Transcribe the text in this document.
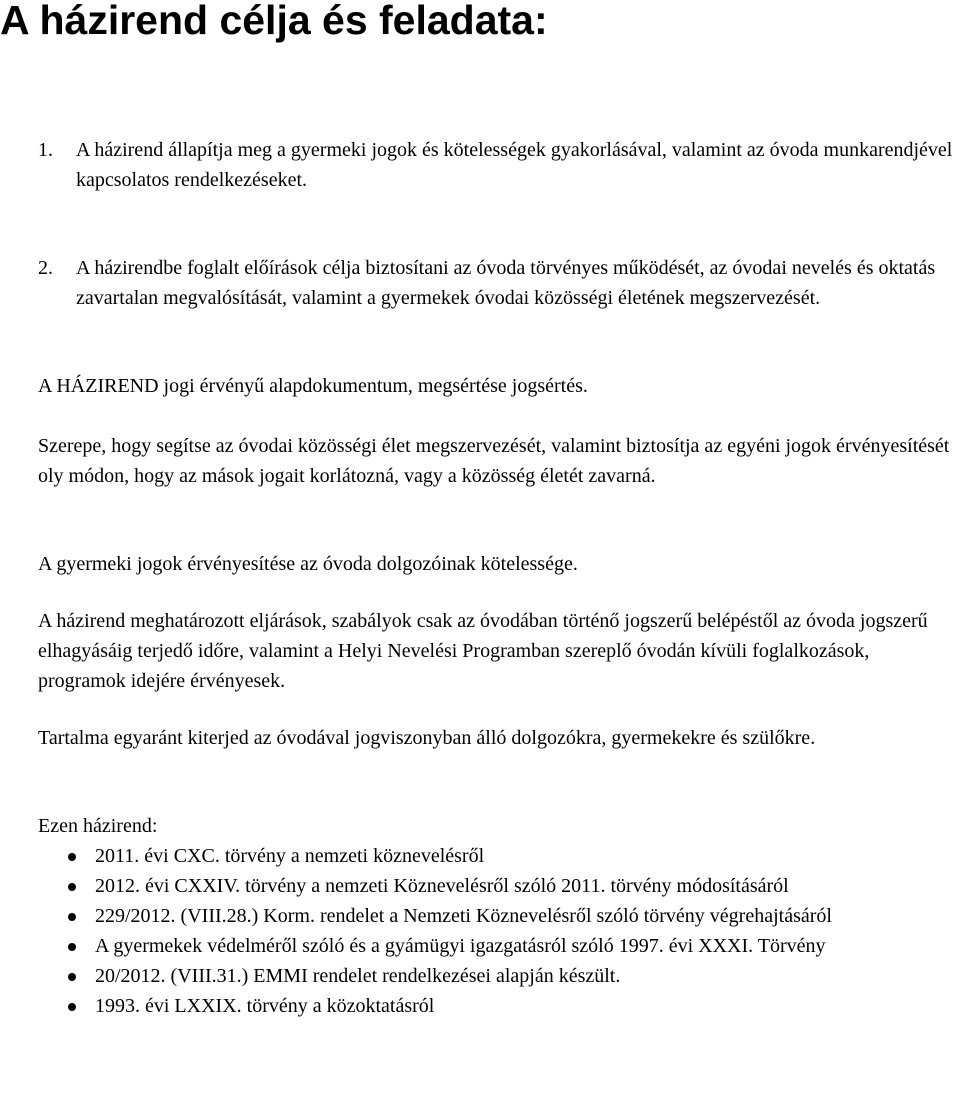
A házirend célja és feladata:
1. A házirend állapítja meg a gyermeki jogok és kötelességek gyakorlásával, valamint az óvoda munkarendjével kapcsolatos rendelkezéseket.

2. A házirendbe foglalt előírások célja biztosítani az óvoda törvényes működését, az óvodai nevelés és oktatás zavartalan megvalósítását, valamint a gyermekek óvodai közösségi életének megszervezését.

A HÁZIREND jogi érvényű alapdokumentum, megsértése jogsértés.

Szerepe, hogy segítse az óvodai közösségi élet megszervezését, valamint biztosítja az egyéni jogok érvényesítését oly módon, hogy az mások jogait korlátozná, vagy a közösség életét zavarná.

A gyermeki jogok érvényesítése az óvoda dolgozóinak kötelessége.

A házirend meghatározott eljárások, szabályok csak az óvodában történő jogszerű belépéstől az óvoda jogszerű elhagyásáig terjedő időre, valamint a Helyi Nevelési Programban szereplő óvodán kívüli foglalkozások, programok idejére érvényesek.

Tartalma egyaránt kiterjed az óvodával jogviszonyban álló dolgozókra, gyermekekre és szülőkre.

Ezen házirend:

2011. évi CXC. törvény a nemzeti köznevelésről
2012. évi CXXIV. törvény a nemzeti Köznevelésről szóló 2011. törvény módosításáról
229/2012. (VIII.28.) Korm. rendelet a Nemzeti Köznevelésről szóló törvény végrehajtásáról
A gyermekek védelméről szóló és a gyámügyi igazgatásról szóló 1997. évi XXXI. Törvény
20/2012. (VIII.31.) EMMI rendelet rendelkezései alapján készült.
1993. évi LXXIX. törvény a közoktatásról
